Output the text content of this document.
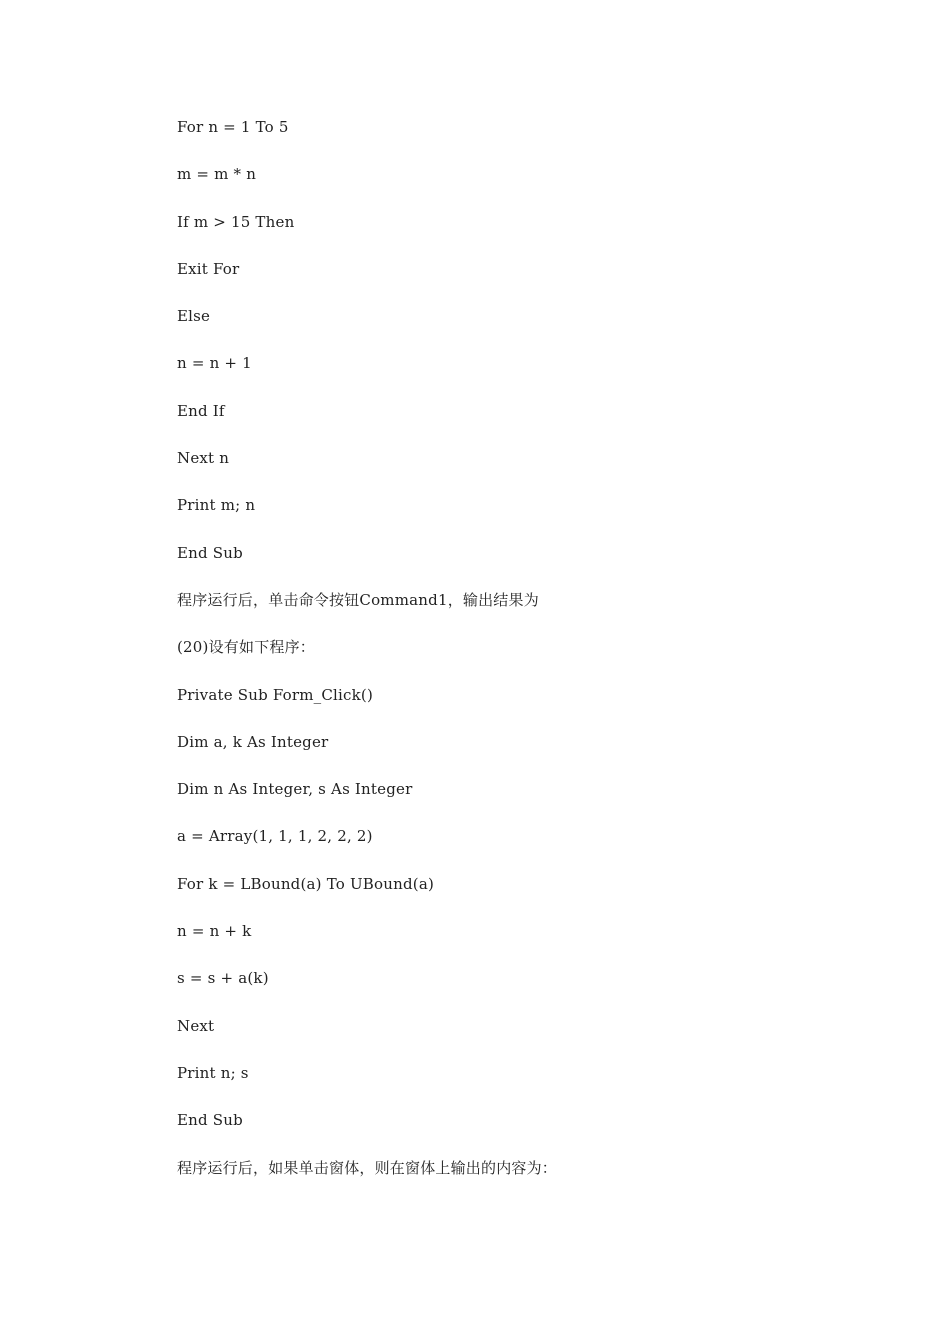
For n = 1 To 5
m = m * n
If m > 15 Then
Exit For
Else
n = n + 1
End If
Next n
Print m; n
End Sub
程序运行后，单击命令按钮Command1，输出结果为
(20)设有如下程序：
Private Sub Form_Click()
Dim a, k As Integer
Dim n As Integer, s As Integer
a = Array(1, 1, 1, 2, 2, 2)
For k = LBound(a) To UBound(a)
n = n + k
s = s + a(k)
Next
Print n; s
End Sub
程序运行后，如果单击窗体，则在窗体上输出的内容为：
